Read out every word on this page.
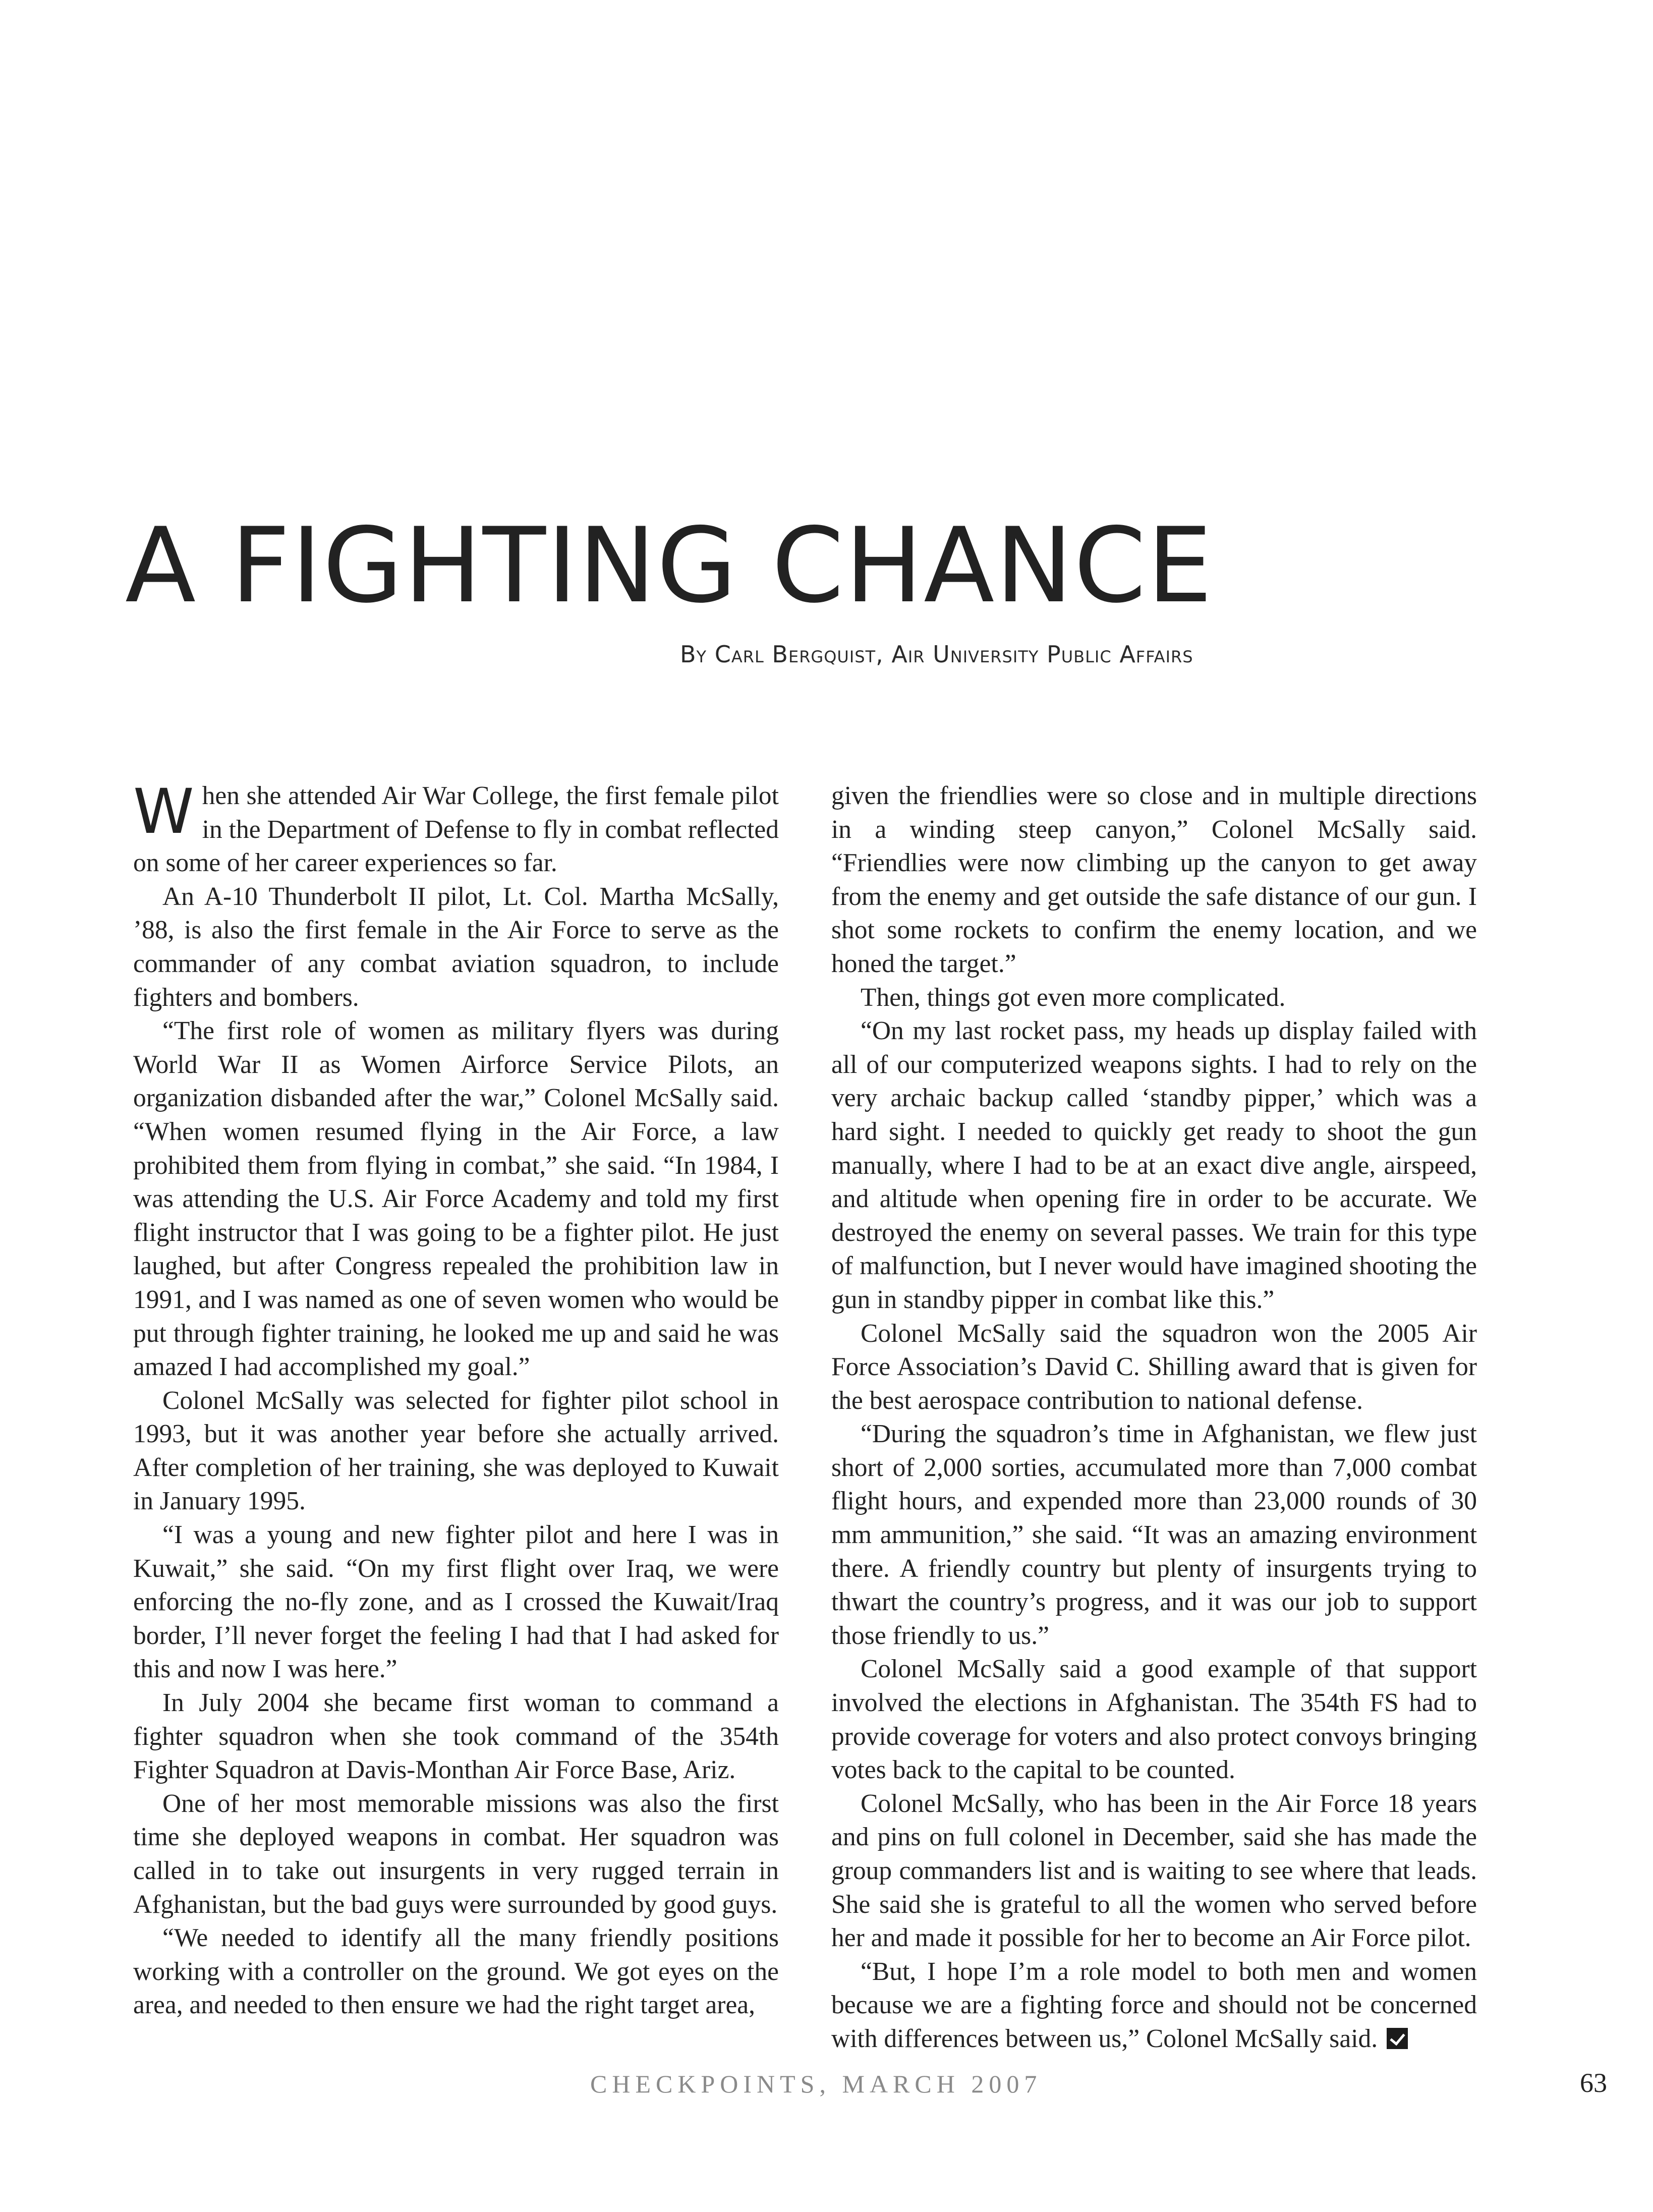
A FIGHTING CHANCE
By Carl Bergquist, Air University Public Affairs

When she attended Air War College, the first female pilot in the Department of Defense to fly in combat reflected on some of her career experiences so far.

An A-10 Thunderbolt II pilot, Lt. Col. Martha McSally, ’88, is also the first female in the Air Force to serve as the commander of any combat aviation squadron, to include fighters and bombers.

“The first role of women as military flyers was during World War II as Women Airforce Service Pilots, an organization disbanded after the war,” Colonel McSally said. “When women resumed flying in the Air Force, a law prohibited them from flying in combat,” she said. “In 1984, I was attending the U.S. Air Force Academy and told my first flight instructor that I was going to be a fighter pilot. He just laughed, but after Congress repealed the prohibition law in 1991, and I was named as one of seven women who would be put through fighter training, he looked me up and said he was amazed I had accomplished my goal.”

Colonel McSally was selected for fighter pilot school in 1993, but it was another year before she actually arrived. After completion of her training, she was deployed to Kuwait in January 1995.

“I was a young and new fighter pilot and here I was in Kuwait,” she said. “On my first flight over Iraq, we were enforcing the no-fly zone, and as I crossed the Kuwait/Iraq border, I’ll never forget the feeling I had that I had asked for this and now I was here.”

In July 2004 she became first woman to command a fighter squadron when she took command of the 354th Fighter Squadron at Davis-Monthan Air Force Base, Ariz.

One of her most memorable missions was also the first time she deployed weapons in combat. Her squadron was called in to take out insurgents in very rugged terrain in Afghanistan, but the bad guys were surrounded by good guys.

“We needed to identify all the many friendly positions working with a controller on the ground. We got eyes on the area, and needed to then ensure we had the right target area,

given the friendlies were so close and in multiple directions in a winding steep canyon,” Colonel McSally said. “Friendlies were now climbing up the canyon to get away from the enemy and get outside the safe distance of our gun. I shot some rockets to confirm the enemy location, and we honed the target.”

Then, things got even more complicated.

“On my last rocket pass, my heads up display failed with all of our computerized weapons sights. I had to rely on the very archaic backup called ‘standby pipper,’ which was a hard sight. I needed to quickly get ready to shoot the gun manually, where I had to be at an exact dive angle, airspeed, and altitude when opening fire in order to be accurate. We destroyed the enemy on several passes. We train for this type of malfunction, but I never would have imagined shooting the gun in standby pipper in combat like this.”

Colonel McSally said the squadron won the 2005 Air Force Association’s David C. Shilling award that is given for the best aerospace contribution to national defense.

“During the squadron’s time in Afghanistan, we flew just short of 2,000 sorties, accumulated more than 7,000 combat flight hours, and expended more than 23,000 rounds of 30 mm ammunition,” she said. “It was an amazing environment there. A friendly country but plenty of insurgents trying to thwart the country’s progress, and it was our job to support those friendly to us.”

Colonel McSally said a good example of that support involved the elections in Afghanistan. The 354th FS had to provide coverage for voters and also protect convoys bringing votes back to the capital to be counted.

Colonel McSally, who has been in the Air Force 18 years and pins on full colonel in December, said she has made the group commanders list and is waiting to see where that leads. She said she is grateful to all the women who served before her and made it possible for her to become an Air Force pilot.

“But, I hope I’m a role model to both men and women because we are a fighting force and should not be concerned with differences between us,” Colonel McSally said.

CHECKPOINTS, MARCH 2007	63
